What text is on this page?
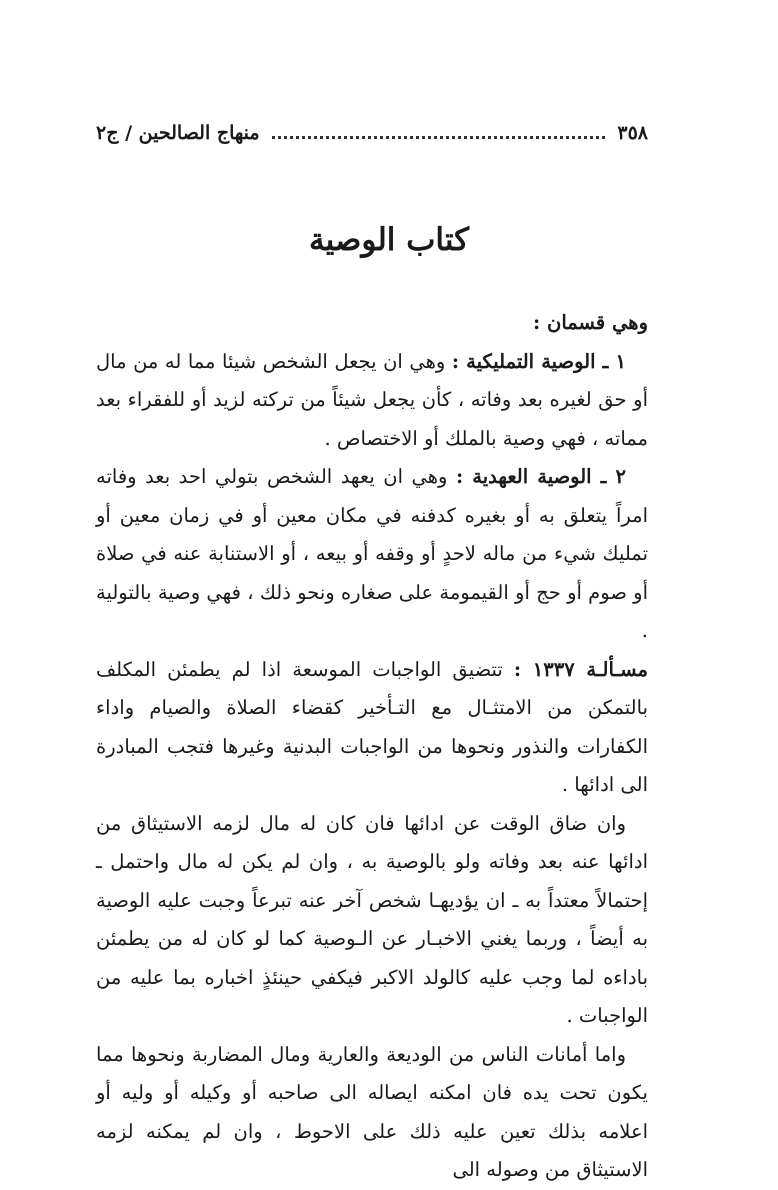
٣٥٨
منهاج الصالحين / ج٢
كتاب الوصية

وهي قسمان :

١ ـ الوصية التمليكية : وهي ان يجعل الشخص شيئا مما له من مال أو حق لغيره بعد وفاته ، كأن يجعل شيئاً من تركته لزيد أو للفقراء بعد مماته ، فهي وصية بالملك أو الاختصاص .

٢ ـ الوصية العهدية : وهي ان يعهد الشخص بتولي احد بعد وفاته امراً يتعلق به أو بغيره كدفنه في مكان معين أو في زمان معين أو تمليك شيء من ماله لاحدٍ أو وقفه أو بيعه ، أو الاستنابة عنه في صلاة أو صوم أو حج أو القيمومة على صغاره ونحو ذلك ، فهي وصية بالتولية .

مسـألـة ١٣٣٧ : تتضيق الواجبات الموسعة اذا لم يطمئن المكلف بالتمكن من الامتثـال مع التـأخير كقضاء الصلاة والصيام واداء الكفارات والنذور ونحوها من الواجبات البدنية وغيرها فتجب المبادرة الى ادائها .

وان ضاق الوقت عن ادائها فان كان له مال لزمه الاستيثاق من ادائها عنه بعد وفاته ولو بالوصية به ، وان لم يكن له مال واحتمل ـ إحتمالاً معتداً به ـ ان يؤديهـا شخص آخر عنه تبرعاً وجبت عليه الوصية به أيضاً ، وربما يغني الاخبـار عن الـوصية كما لو كان له من يطمئن باداءه لما وجب عليه كالولد الاكبر فيكفي حينئذٍ اخباره بما عليه من الواجبات .

واما أمانات الناس من الوديعة والعارية ومال المضاربة ونحوها مما يكون تحت يده فان امكنه ايصاله الى صاحبه أو وكيله أو وليه أو اعلامه بذلك تعين عليه ذلك على الاحوط ، وان لم يمكنه لزمه الاستيثاق من وصوله الى
